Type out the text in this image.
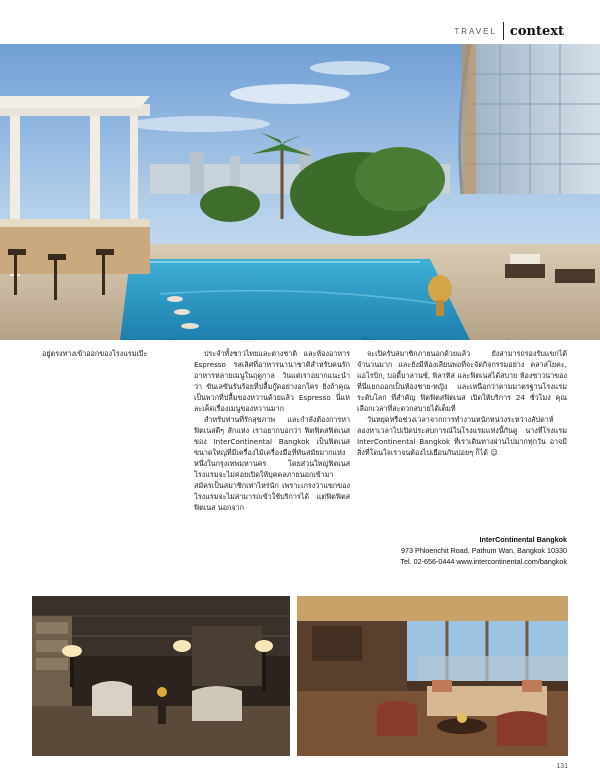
TRAVEL context

อยู่ตรงทางเข้าออกของโรงแรมเป๊ะ	ประจำทั้งชาวไทยและต่างชาติ และห้องอาหาร Espresso รสเลิศที่อาหารนานาชาติสำหรับคนรักอาหารหลายเมนูในฤดูกาล วันแต่เราอยากแนะนำว่า ขันเลขันรันร้อยที่ปลื้มกู๊ดอย่างอกใคร ยิ่งถ้าคุณเป็นพวกที่ปลื้มของหวานด้วยแล้ว Espresso นี่แหละเค็ดเรื่องเมนูของหวานมาก

สำหรับท่านที่รักสุขภาพ และกำลังต้องการหาฟิตเนสดีๆ สักแห่ง เราอยากบอกว่า ฟิตฟิตสฟิตเนส ของ InterContinental Bangkok เป็นฟิตเนสขนาดใหญ่ที่มีเครื่องไม้เครื่องมือที่ทันสมัยมากแห่งหนึ่งในกรุงเทพมหานคร โดยส่วนใหญ่ฟิตเนสโรงแรมจะไม่ค่อยเปิดให้บุคคลภายนอกเข้ามาสมัครเป็นสมาชิกเท่าไหร่นัก เพราะเกรงว่าแขกของโรงแรมจะไม่สามารถเข้าใช้บริการได้ แต่ฟิตฟิตสฟิตเนส นอกจาก

จะเปิดรับสมาชิกภายนอกด้วยแล้ว ยังสามารถรองรับแขกได้จำนวนมาก และยังมีห้องเลียนพอที่จะจัดกิจกรรมอย่าง คลาสโยคะ, แอโรบิก, บอดี้บาลานซ์, พิลาทิส และฟิตเนสได้สบาย ห้องซาวน่าของที่นี่แยกออกเป็นห้องชาย-หญิง และเหนือกว่าตามมาตรฐานโรงแรมระดับโลก ที่สำคัญ ฟิตฟิตสฟิตเนส เปิดให้บริการ 24 ชั่วโมง คุณเลือกเวลาที่สะดวกสบายได้เต็มที่

วันหยุดหรือช่วงเวลาจากการทำงานหนักหน่วงระหว่างสัปดาห์ ลองหาเวลาไปเปิดประสบการณ์ในโรงแรมแห่งนี้กันดู นางที่โรงแรม InterContinental Bangkok ที่เราเดินทางผ่านไปมากทุกวัน อาจมีสิ่งที่โดนใจเราจนต้องไปเยือนกันบ่อยๆ ก็ได้ ☺

InterContinental Bangkok
973 Phloenchit Road, Pathum Wan, Bangkok 10330
Tel. 02-656-0444 www.intercontinental.com/bangkok
131
